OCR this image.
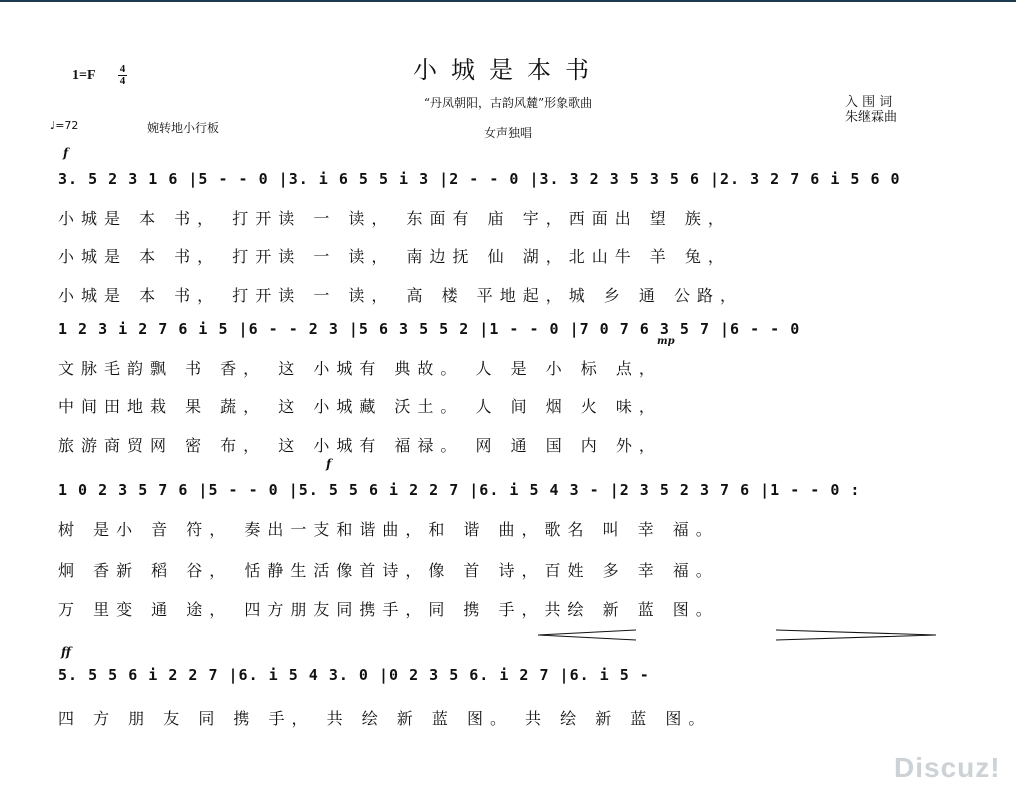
小城是本书
“丹凤朝阳，古韵风麓”形象歌曲
女声独唱
1=F 4
4
♩=72	婉转地小行板
入 围 词
朱继霖曲
f
3. 5 2 3 1 6 |5 - - 0 |3. i 6 5 5 i 3 |2 - - 0 |3. 3 2 3 5 3 5 6 |2. 3 2 7 6 i 5 6 0
小城是 本 书， 打开读 一 读， 东面有 庙 宇，西面出 望 族，
小城是 本 书， 打开读 一 读， 南边抚 仙 湖，北山牛 羊 兔，
小城是 本 书， 打开读 一 读， 高 楼 平地起，城 乡 通 公路，
1 2 3 i 2 7 6 i 5 |6 - - 2 3 |5 6 3 5 5 2 |1 - - 0 |7 0 7 6 3 5 7 |6 - - 0
mp
文脉毛韵飘 书 香， 这 小城有 典故。 人 是 小 标 点，
中间田地栽 果 蔬， 这 小城藏 沃土。 人 间 烟 火 味，
旅游商贸网 密 布， 这 小城有 福禄。 网 通 国 内 外，
f
1 0 2 3 5 7 6 |5 - - 0 |5. 5 5 6 i 2 2 7 |6. i 5 4 3 - |2 3 5 2 3 7 6 |1 - - 0 :
树 是小 音 符， 奏出一支和谐曲，和 谐 曲，歌名 叫 幸 福。
炯 香新 稻 谷， 恬静生活像首诗，像 首 诗，百姓 多 幸 福。
万 里变 通 途， 四方朋友同携手，同 携 手，共绘 新 蓝 图。
ff
5. 5 5 6 i 2 2 7 |6. i 5 4 3. 0 |0 2 3 5 6. i 2 7 |6. i 5 -
四 方 朋 友 同 携 手， 共 绘 新 蓝 图。 共 绘 新 蓝 图。
Discuz!
